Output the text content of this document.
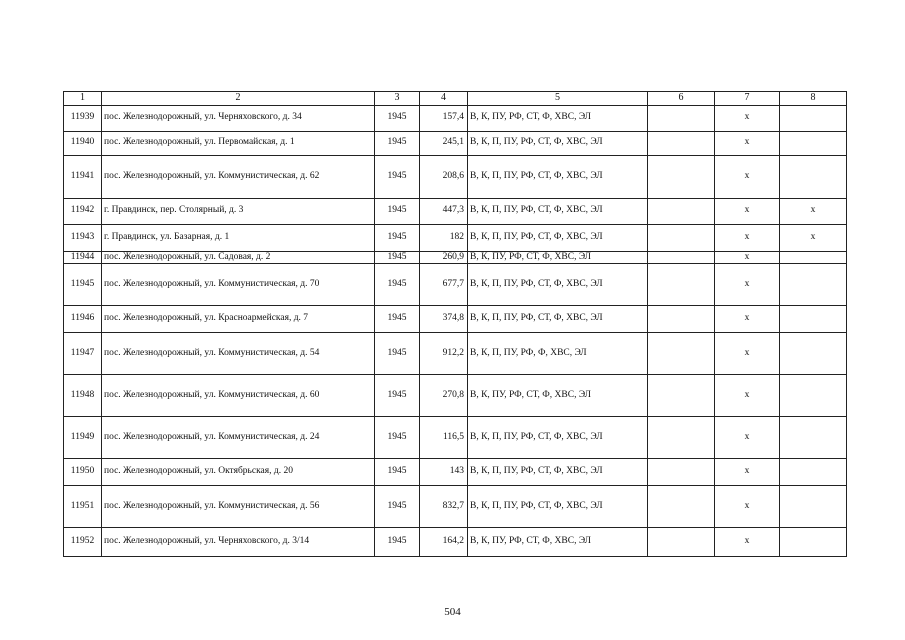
1	2	3	4	5	6	7	8
11939	пос. Железнодорожный, ул. Черняховского, д. 34	1945	157,4	В, К, ПУ, РФ, СТ, Ф, ХВС, ЭЛ		х	
11940	пос. Железнодорожный, ул. Первомайская, д. 1	1945	245,1	В, К, П, ПУ, РФ, СТ, Ф, ХВС, ЭЛ		х	
11941	пос. Железнодорожный, ул. Коммунистическая, д. 62	1945	208,6	В, К, П, ПУ, РФ, СТ, Ф, ХВС, ЭЛ		х	
11942	г. Правдинск, пер. Столярный, д. 3	1945	447,3	В, К, П, ПУ, РФ, СТ, Ф, ХВС, ЭЛ		х	х
11943	г. Правдинск, ул. Базарная, д. 1	1945	182	В, К, П, ПУ, РФ, СТ, Ф, ХВС, ЭЛ		х	х
11944	пос. Железнодорожный, ул. Садовая, д. 2	1945	260,9	В, К, ПУ, РФ, СТ, Ф, ХВС, ЭЛ		х	
11945	пос. Железнодорожный, ул. Коммунистическая, д. 70	1945	677,7	В, К, П, ПУ, РФ, СТ, Ф, ХВС, ЭЛ		х	
11946	пос. Железнодорожный, ул. Красноармейская, д. 7	1945	374,8	В, К, П, ПУ, РФ, СТ, Ф, ХВС, ЭЛ		х	
11947	пос. Железнодорожный, ул. Коммунистическая, д. 54	1945	912,2	В, К, П, ПУ, РФ, Ф, ХВС, ЭЛ		х	
11948	пос. Железнодорожный, ул. Коммунистическая, д. 60	1945	270,8	В, К, ПУ, РФ, СТ, Ф, ХВС, ЭЛ		х	
11949	пос. Железнодорожный, ул. Коммунистическая, д. 24	1945	116,5	В, К, П, ПУ, РФ, СТ, Ф, ХВС, ЭЛ		х	
11950	пос. Железнодорожный, ул. Октябрьская, д. 20	1945	143	В, К, П, ПУ, РФ, СТ, Ф, ХВС, ЭЛ		х	
11951	пос. Железнодорожный, ул. Коммунистическая, д. 56	1945	832,7	В, К, П, ПУ, РФ, СТ, Ф, ХВС, ЭЛ		х	
11952	пос. Железнодорожный, ул. Черняховского, д. 3/14	1945	164,2	В, К, ПУ, РФ, СТ, Ф, ХВС, ЭЛ		х	
504
